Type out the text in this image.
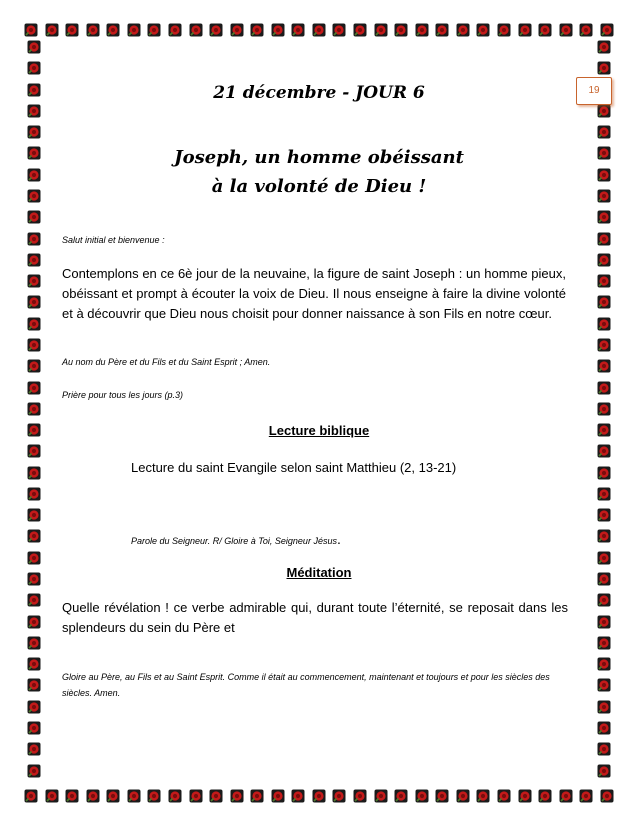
19
21 décembre - JOUR 6
Joseph, un homme obéissant
à la volonté de Dieu !
Salut initial et bienvenue :
Contemplons en ce 6è jour de la neuvaine, la figure de saint Joseph : un homme pieux, obéissant et prompt à écouter la voix de Dieu. Il nous enseigne à faire la divine volonté et à découvrir que Dieu nous choisit pour donner naissance à son Fils en notre cœur.
Au nom du Père et du Fils et du Saint Esprit ; Amen.
Prière pour tous les jours (p.3)
Lecture biblique
Lecture du saint Evangile selon saint Matthieu (2, 13-21)
Parole du Seigneur. R/ Gloire à Toi, Seigneur Jésus.
Méditation
Quelle révélation ! ce verbe admirable qui, durant toute l’éternité, se reposait dans les splendeurs du sein du Père et
Gloire au Père, au Fils et au Saint Esprit. Comme il était au commencement, maintenant et toujours et pour les siècles des siècles. Amen.
